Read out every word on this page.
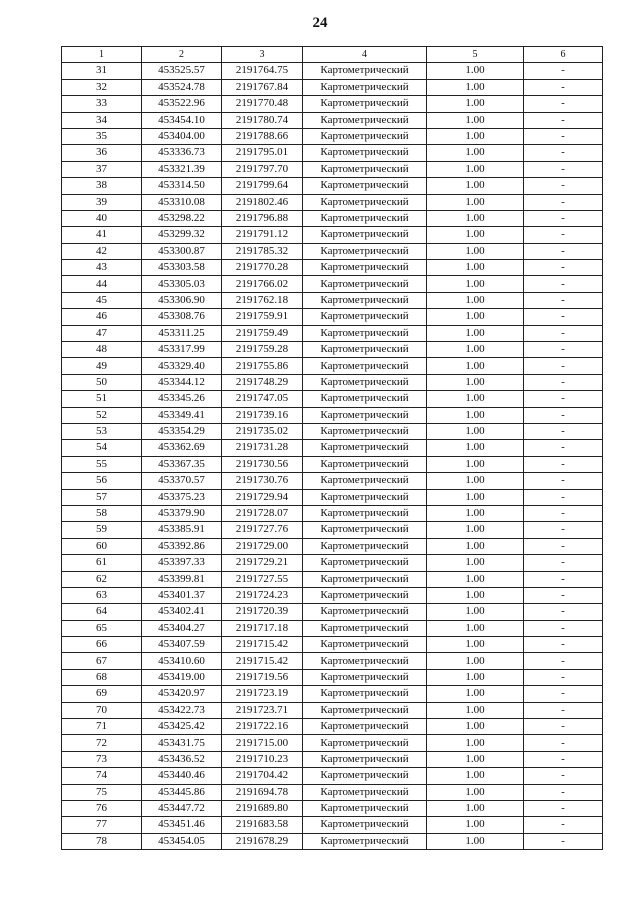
24
1	2	3	4	5	6
31	453525.57	2191764.75	Картометрический	1.00	-
32	453524.78	2191767.84	Картометрический	1.00	-
33	453522.96	2191770.48	Картометрический	1.00	-
34	453454.10	2191780.74	Картометрический	1.00	-
35	453404.00	2191788.66	Картометрический	1.00	-
36	453336.73	2191795.01	Картометрический	1.00	-
37	453321.39	2191797.70	Картометрический	1.00	-
38	453314.50	2191799.64	Картометрический	1.00	-
39	453310.08	2191802.46	Картометрический	1.00	-
40	453298.22	2191796.88	Картометрический	1.00	-
41	453299.32	2191791.12	Картометрический	1.00	-
42	453300.87	2191785.32	Картометрический	1.00	-
43	453303.58	2191770.28	Картометрический	1.00	-
44	453305.03	2191766.02	Картометрический	1.00	-
45	453306.90	2191762.18	Картометрический	1.00	-
46	453308.76	2191759.91	Картометрический	1.00	-
47	453311.25	2191759.49	Картометрический	1.00	-
48	453317.99	2191759.28	Картометрический	1.00	-
49	453329.40	2191755.86	Картометрический	1.00	-
50	453344.12	2191748.29	Картометрический	1.00	-
51	453345.26	2191747.05	Картометрический	1.00	-
52	453349.41	2191739.16	Картометрический	1.00	-
53	453354.29	2191735.02	Картометрический	1.00	-
54	453362.69	2191731.28	Картометрический	1.00	-
55	453367.35	2191730.56	Картометрический	1.00	-
56	453370.57	2191730.76	Картометрический	1.00	-
57	453375.23	2191729.94	Картометрический	1.00	-
58	453379.90	2191728.07	Картометрический	1.00	-
59	453385.91	2191727.76	Картометрический	1.00	-
60	453392.86	2191729.00	Картометрический	1.00	-
61	453397.33	2191729.21	Картометрический	1.00	-
62	453399.81	2191727.55	Картометрический	1.00	-
63	453401.37	2191724.23	Картометрический	1.00	-
64	453402.41	2191720.39	Картометрический	1.00	-
65	453404.27	2191717.18	Картометрический	1.00	-
66	453407.59	2191715.42	Картометрический	1.00	-
67	453410.60	2191715.42	Картометрический	1.00	-
68	453419.00	2191719.56	Картометрический	1.00	-
69	453420.97	2191723.19	Картометрический	1.00	-
70	453422.73	2191723.71	Картометрический	1.00	-
71	453425.42	2191722.16	Картометрический	1.00	-
72	453431.75	2191715.00	Картометрический	1.00	-
73	453436.52	2191710.23	Картометрический	1.00	-
74	453440.46	2191704.42	Картометрический	1.00	-
75	453445.86	2191694.78	Картометрический	1.00	-
76	453447.72	2191689.80	Картометрический	1.00	-
77	453451.46	2191683.58	Картометрический	1.00	-
78	453454.05	2191678.29	Картометрический	1.00	-
